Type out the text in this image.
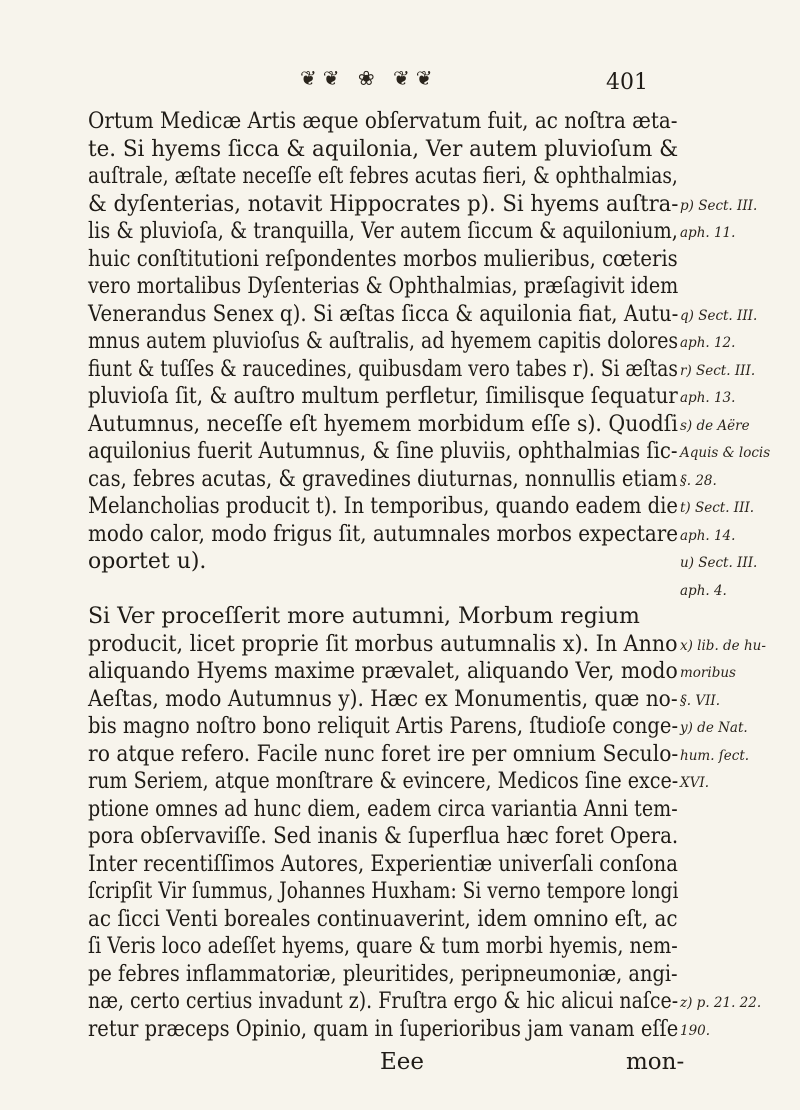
❦❦ ❀ ❦❦	401
Ortum Medicæ Artis æque obſervatum fuit, ac noſtra æta-
te. Si hyems ſicca & aquilonia, Ver autem pluvioſum &
auſtrale, æſtate neceſſe eſt febres acutas fieri, & ophthalmias,
& dyſenterias, notavit Hippocrates p). Si hyems auſtra- p) Sect. III.
lis & pluvioſa, & tranquilla, Ver autem ſiccum & aquilonium, aph. 11.
huic conſtitutioni reſpondentes morbos mulieribus, cœteris
vero mortalibus Dyſenterias & Ophthalmias, præſagivit idem
Venerandus Senex q). Si æſtas ſicca & aquilonia fiat, Autu- q) Sect. III.
mnus autem pluvioſus & auſtralis, ad hyemem capitis dolores aph. 12.
fiunt & tuſſes & raucedines, quibusdam vero tabes r). Si æſtas r) Sect. III.
pluvioſa ſit, & auſtro multum perfletur, ſimilisque ſequatur aph. 13.
Autumnus, neceſſe eſt hyemem morbidum eſſe s). Quodſi s) de Aëre
aquilonius fuerit Autumnus, & ſine pluviis, ophthalmias ſic- Aquis & locis
cas, febres acutas, & gravedines diuturnas, nonnullis etiam §. 28.
Melancholias producit t). In temporibus, quando eadem die t) Sect. III.
modo calor, modo frigus ſit, autumnales morbos expectare aph. 14.
oportet u).	u) Sect. III.
aph. 4.
Si Ver proceſſerit more autumni, Morbum regium
producit, licet proprie ſit morbus autumnalis x). In Anno x) lib. de hu-
aliquando Hyems maxime prævalet, aliquando Ver, modo moribus
Aeſtas, modo Autumnus y). Hæc ex Monumentis, quæ no- §. VII.
bis magno noſtro bono reliquit Artis Parens, ſtudioſe conge- y) de Nat.
ro atque refero. Facile nunc foret ire per omnium Seculo- hum. ſect.
rum Seriem, atque monſtrare & evincere, Medicos ſine exce- XVI.
ptione omnes ad hunc diem, eadem circa variantia Anni tem-
pora obſervaviſſe. Sed inanis & ſuperflua hæc foret Opera.
Inter recentiſſimos Autores, Experientiæ univerſali conſona
ſcripſit Vir ſummus, Johannes Huxham: Si verno tempore longi
ac ſicci Venti boreales continuaverint, idem omnino eſt, ac
ſi Veris loco adeſſet hyems, quare & tum morbi hyemis, nem-
pe febres inflammatoriæ, pleuritides, peripneumoniæ, angi-
næ, certo certius invadunt z). Fruſtra ergo & hic alicui naſce- z) p. 21. 22.
retur præceps Opinio, quam in ſuperioribus jam vanam eſſe 190.
Eee	mon-
